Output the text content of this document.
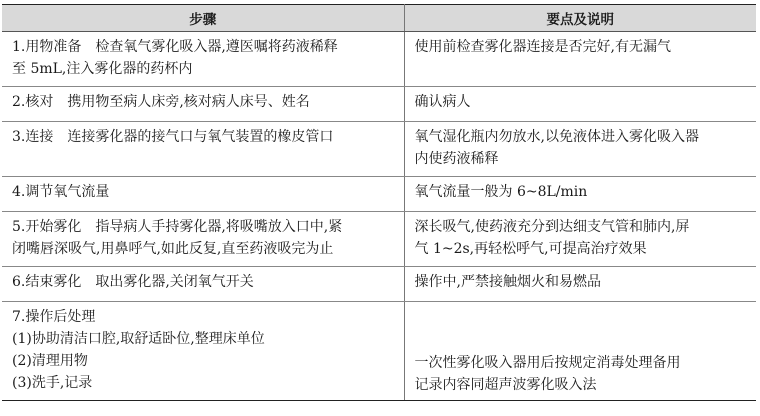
步骤	要点及说明

1.用物准备 检查氧气雾化吸入器,遵医嘱将药液稀释
至 5mL,注入雾化器的药杯内	使用前检查雾化器连接是否完好,有无漏气

2.核对 携用物至病人床旁,核对病人床号、姓名	确认病人

3.连接 连接雾化器的接气口与氧气装置的橡皮管口	氧气湿化瓶内勿放水,以免液体进入雾化吸入器
内使药液稀释

4.调节氧气流量	氧气流量一般为 6~8L/min

5.开始雾化 指导病人手持雾化器,将吸嘴放入口中,紧
闭嘴唇深吸气,用鼻呼气,如此反复,直至药液吸完为止	深长吸气,使药液充分到达细支气管和肺内,屏
气 1~2s,再轻松呼气,可提高治疗效果

6.结束雾化 取出雾化器,关闭氧气开关	操作中,严禁接触烟火和易燃品

7.操作后处理
(1)协助清洁口腔,取舒适卧位,整理床单位
(2)清理用物
(3)洗手,记录	一次性雾化吸入器用后按规定消毒处理备用
记录内容同超声波雾化吸入法
